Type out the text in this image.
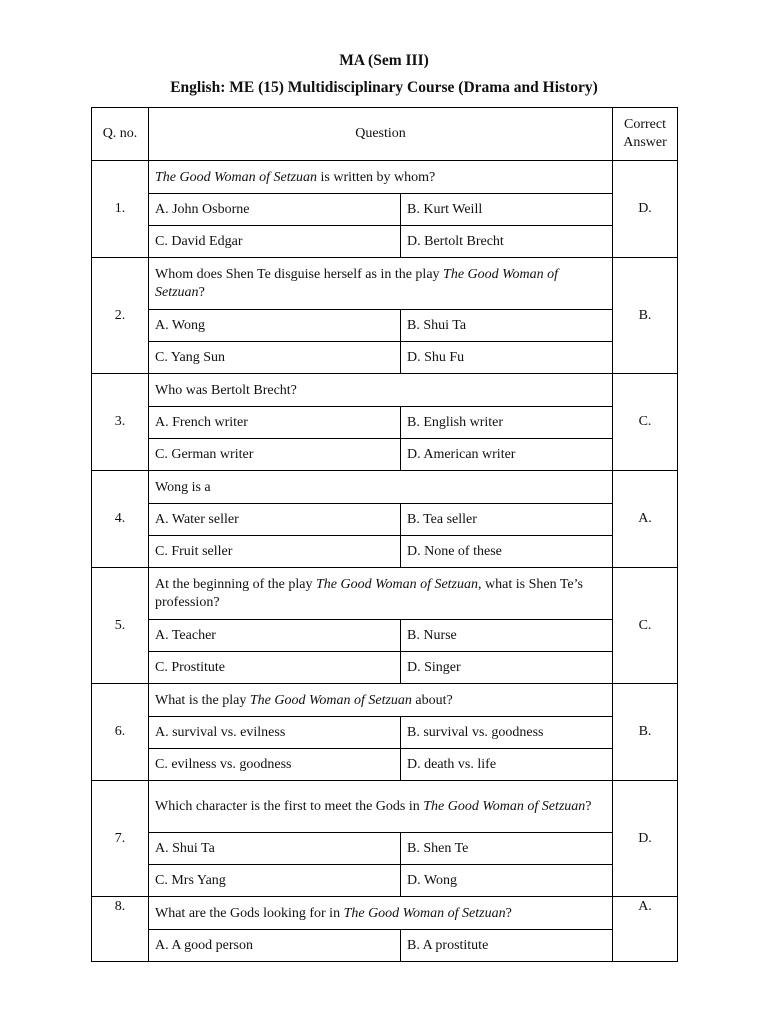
MA (Sem III)
English: ME (15) Multidisciplinary Course (Drama and History)
Q. no.	Question		Correct
Answer
1.	The Good Woman of Setzuan is written by whom?		D.
	A. John Osborne	B. Kurt Weill	
	C. David Edgar	D. Bertolt Brecht	
2.	Whom does Shen Te disguise herself as in the play The Good Woman of Setzuan?		B.
	A. Wong	B. Shui Ta	
	C. Yang Sun	D. Shu Fu	
3.	Who was Bertolt Brecht?		C.
	A. French writer	B. English writer	
	C. German writer	D. American writer	
4.	Wong is a		A.
	A. Water seller	B. Tea seller	
	C. Fruit seller	D. None of these	
5.	At the beginning of the play The Good Woman of Setzuan, what is Shen Te’s profession?		C.
	A. Teacher	B. Nurse	
	C. Prostitute	D. Singer	
6.	What is the play The Good Woman of Setzuan about?		B.
	A. survival vs. evilness	B. survival vs. goodness	
	C. evilness vs. goodness	D. death vs. life	
7.	Which character is the first to meet the Gods in The Good Woman of Setzuan?		D.
	A. Shui Ta	B. Shen Te	
	C. Mrs Yang	D. Wong	
8.	What are the Gods looking for in The Good Woman of Setzuan?		A.
	A. A good person	B. A prostitute	
